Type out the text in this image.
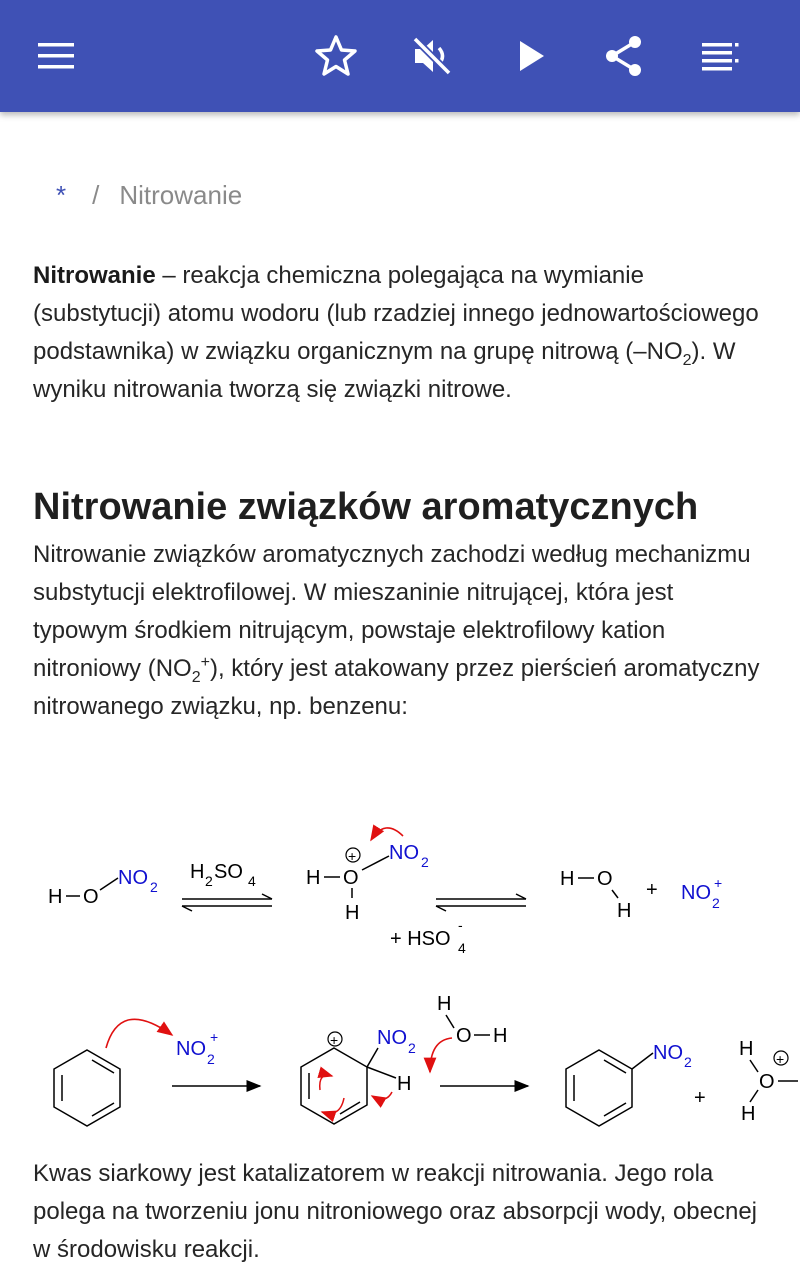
* / Nitrowanie
Nitrowanie – reakcja chemiczna polegająca na wymianie (substytucji) atomu wodoru (lub rzadziej innego jednowartościowego podstawnika) w związku organicznym na grupę nitrową $(-NO_2)$. W wyniku nitrowania tworzą się związki nitrowe.
Nitrowanie związków aromatycznych
Nitrowanie związków aromatycznych zachodzi według mechanizmu substytucji elektrofilowej. W mieszaninie nitrującej, która jest typowym środkiem nitrującym, powstaje elektrofilowy kation nitroniowy $(NO_2^+)$, który jest atakowany przez pierścień aromatyczny nitrowanego związku, np. benzenu:
H O
NO 2
H 2 SO 4
+
H O
H
NO 2
+ HSO
-
4
H O
H
+ NO 2
+
NO 2
+	+ NO 2
H
H
O H
NO 2
+
H +
O
H
Kwas siarkowy jest katalizatorem w reakcji nitrowania. Jego rola polega na tworzeniu jonu nitroniowego oraz absorpcji wody, obecnej w środowisku reakcji.
